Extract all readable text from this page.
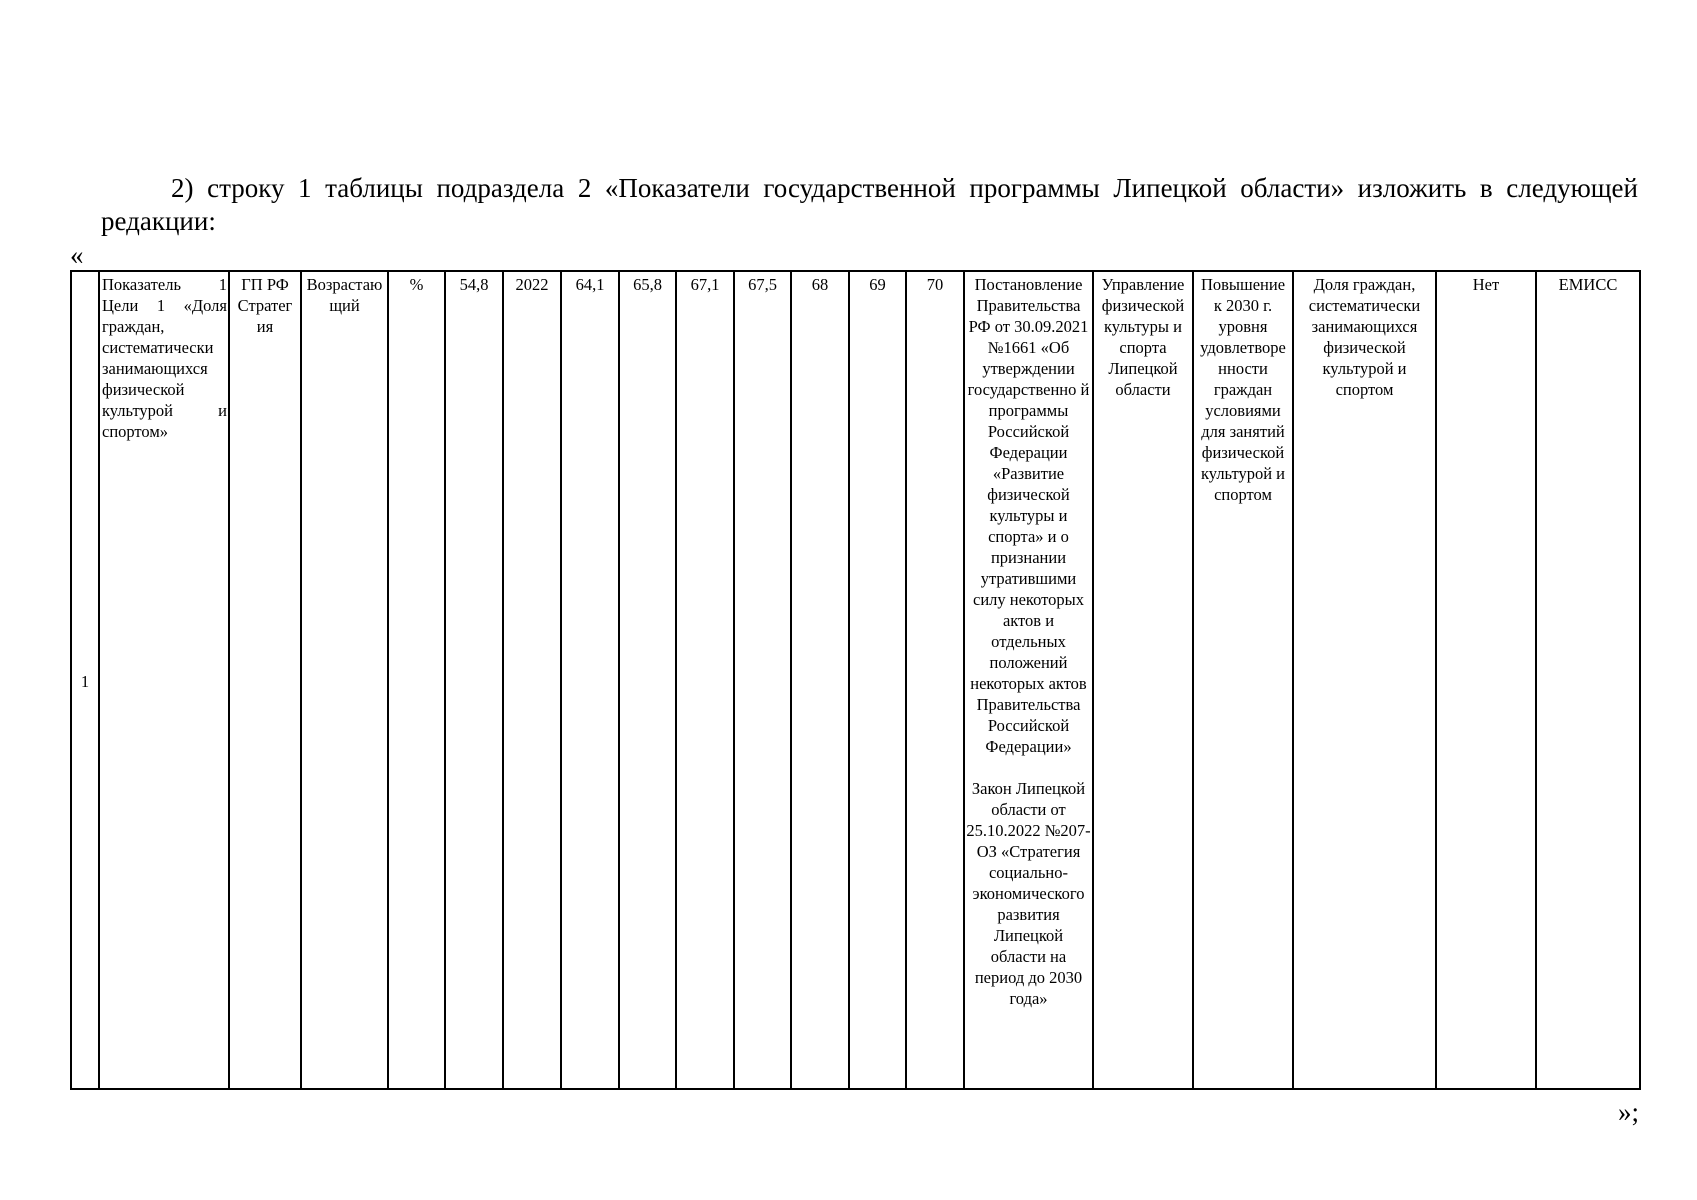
2) строку 1 таблицы подраздела 2 «Показатели государственной программы Липецкой области» изложить в следующей редакции:
«
1	Показатель 1 Цели 1 «Доля граждан, систематически занимающихся физической культурой и спортом»	ГП РФ
Стратег ия	Возрастаю щий	%	54,8	2022	64,1	65,8	67,1	67,5	68	69	70	Постановление Правительства РФ от 30.09.2021 №1661 «Об утверждении государственно й программы Российской Федерации «Развитие физической культуры и спорта» и о признании утратившими силу некоторых актов и отдельных положений некоторых актов Правительства Российской Федерации»

Закон Липецкой области от 25.10.2022 №207-ОЗ «Стратегия социально-экономического развития Липецкой области на период до 2030 года»	Управление физической культуры и спорта Липецкой области	Повышение к 2030 г. уровня удовлетворе нности граждан условиями для занятий физической культурой и спортом	Доля граждан, систематически занимающихся физической культурой и спортом	Нет	ЕМИСС
»;
